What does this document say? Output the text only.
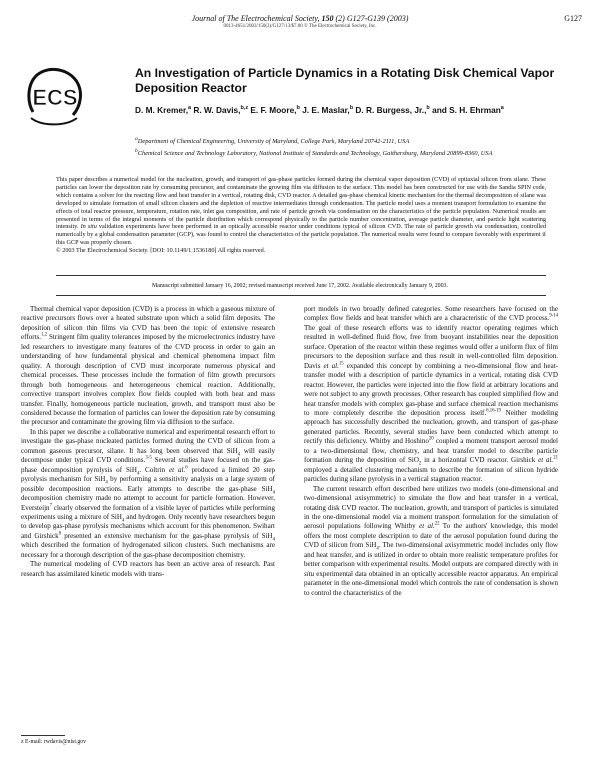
Journal of The Electrochemical Society, 150 (2) G127-G139 (2003)	G127
0013-4651/2003/150(2)/G127/13/$7.00 © The Electrochemical Society, Inc.
ECS
An Investigation of Particle Dynamics in a Rotating Disk Chemical Vapor Deposition Reactor
D. M. Kremer,$^a$ R. W. Davis,$^{b,z}$ E. F. Moore,$^b$ J. E. Maslar,$^b$ D. R. Burgess, Jr.,$^b$ and S. H. Ehrman$^a$

$^a$Department of Chemical Engineering, University of Maryland, College Park, Maryland 20742-2111, USA

$^b$Chemical Science and Technology Laboratory, National Institute of Standards and Technology, Gaithersburg, Maryland 20899-8360, USA

This paper describes a numerical model for the nucleation, growth, and transport of gas-phase particles formed during the chemical vapor deposition (CVD) of epitaxial silicon from silane. These particles can lower the deposition rate by consuming precursor, and contaminate the growing film via diffusion to the surface. This model has been constructed for use with the Sandia SPIN code, which contains a solver for the reacting flow and heat transfer in a vertical, rotating disk, CVD reactor. A detailed gas-phase chemical kinetic mechanism for the thermal decomposition of silane was developed to simulate formation of small silicon clusters and the depletion of reactive intermediates through condensation. The particle model uses a moment transport formulation to examine the effects of total reactor pressure, temperature, rotation rate, inlet gas composition, and rate of particle growth via condensation on the characteristics of the particle population. Numerical results are presented in terms of the integral moments of the particle distribution which correspond physically to the particle number concentration, average particle diameter, and particle light scattering intensity. In situ validation experiments have been performed in an optically accessible reactor under conditions typical of silicon CVD. The rate of particle growth via condensation, controlled numerically by a global condensation parameter (GCP), was found to control the characteristics of the particle population. The numerical results were found to compare favorably with experiment if this GCP was properly chosen.

© 2003 The Electrochemical Society. [DOI: 10.1149/1.1536180] All rights reserved.

Manuscript submitted January 16, 2002; revised manuscript received June 17, 2002. Available electronically January 9, 2003.

Thermal chemical vapor deposition (CVD) is a process in which a gaseous mixture of reactive precursors flows over a heated substrate upon which a solid film deposits. The deposition of silicon thin films via CVD has been the topic of extensive research efforts.$^{1,2}$ Stringent film quality tolerances imposed by the microelectronics industry have led researchers to investigate many features of the CVD process in order to gain an understanding of how fundamental physical and chemical phenomena impact film quality. A thorough description of CVD must incorporate numerous physical and chemical processes. These processes include the formation of film growth precursors through both homogeneous and heterogeneous chemical reaction. Additionally, convective transport involves complex flow fields coupled with both heat and mass transfer. Finally, homogeneous particle nucleation, growth, and transport must also be considered because the formation of particles can lower the deposition rate by consuming the precursor and contaminate the growing film via diffusion to the surface.

In this paper we describe a collaborative numerical and experimental research effort to investigate the gas-phase nucleated particles formed during the CVD of silicon from a common gaseous precursor, silane. It has long been observed that SiH$_4$ will easily decompose under typical CVD conditions.$^{3-5}$ Several studies have focused on the gas-phase decomposition pyrolysis of SiH$_4$. Coltrin et al.$^6$ produced a limited 20 step pyrolysis mechanism for SiH$_4$ by performing a sensitivity analysis on a large system of possible decomposition reactions. Early attempts to describe the gas-phase SiH$_4$ decomposition chemistry made no attempt to account for particle formation. However, Eversteijn$^7$ clearly observed the formation of a visible layer of particles while performing experiments using a mixture of SiH$_4$ and hydrogen. Only recently have researchers begun to develop gas-phase pyrolysis mechanisms which account for this phenomenon. Swihart and Girshick$^8$ presented an extensive mechanism for the gas-phase pyrolysis of SiH$_4$ which described the formation of hydrogenated silicon clusters. Such mechanisms are necessary for a thorough description of the gas-phase decomposition chemistry.

The numerical modeling of CVD reactors has been an active area of research. Past research has assimilated kinetic models with trans-

port models in two broadly defined categories. Some researchers have focused on the complex flow fields and heat transfer which are a characteristic of the CVD process.$^{9-14}$ The goal of these research efforts was to identify reactor operating regimes which resulted in well-defined fluid flow, free from buoyant instabilities near the deposition surface. Operation of the reactor within these regimes would offer a uniform flux of film precursors to the deposition surface and thus result in well-controlled film deposition. Davis et al.$^{15}$ expanded this concept by combining a two-dimensional flow and heat-transfer model with a description of particle dynamics in a vertical, rotating disk CVD reactor. However, the particles were injected into the flow field at arbitrary locations and were not subject to any growth processes. Other research has coupled simplified flow and heat transfer models with complex gas-phase and surface chemical reaction mechanisms to more completely describe the deposition process itself.$^{6,16-19}$ Neither modeling approach has successfully described the nucleation, growth, and transport of gas-phase generated particles. Recently, several studies have been conducted which attempt to rectify this deficiency. Whitby and Hoshino$^{20}$ coupled a moment transport aerosol model to a two-dimensional flow, chemistry, and heat transfer model to describe particle formation during the deposition of SiO$_2$ in a horizontal CVD reactor. Girshick et al.$^{21}$ employed a detailed clustering mechanism to describe the formation of silicon hydride particles during silane pyrolysis in a vertical stagnation reactor.

The current research effort described here utilizes two models (one-dimensional and two-dimensional axisymmetric) to simulate the flow and heat transfer in a vertical, rotating disk CVD reactor. The nucleation, growth, and transport of particles is simulated in the one-dimensional model via a moment transport formulation for the simulation of aerosol populations following Whitby et al.$^{22}$ To the authors' knowledge, this model offers the most complete description to date of the aerosol population found during the CVD of silicon from SiH$_4$. The two-dimensional axisymmetric model includes only flow and heat transfer, and is utilized in order to obtain more realistic temperature profiles for better comparison with experimental results. Model outputs are compared directly with in situ experimental data obtained in an optically accessible reactor apparatus. An empirical parameter in the one-dimensional model which controls the rate of condensation is shown to control the characteristics of the

z E-mail: rwdavis@nist.gov
